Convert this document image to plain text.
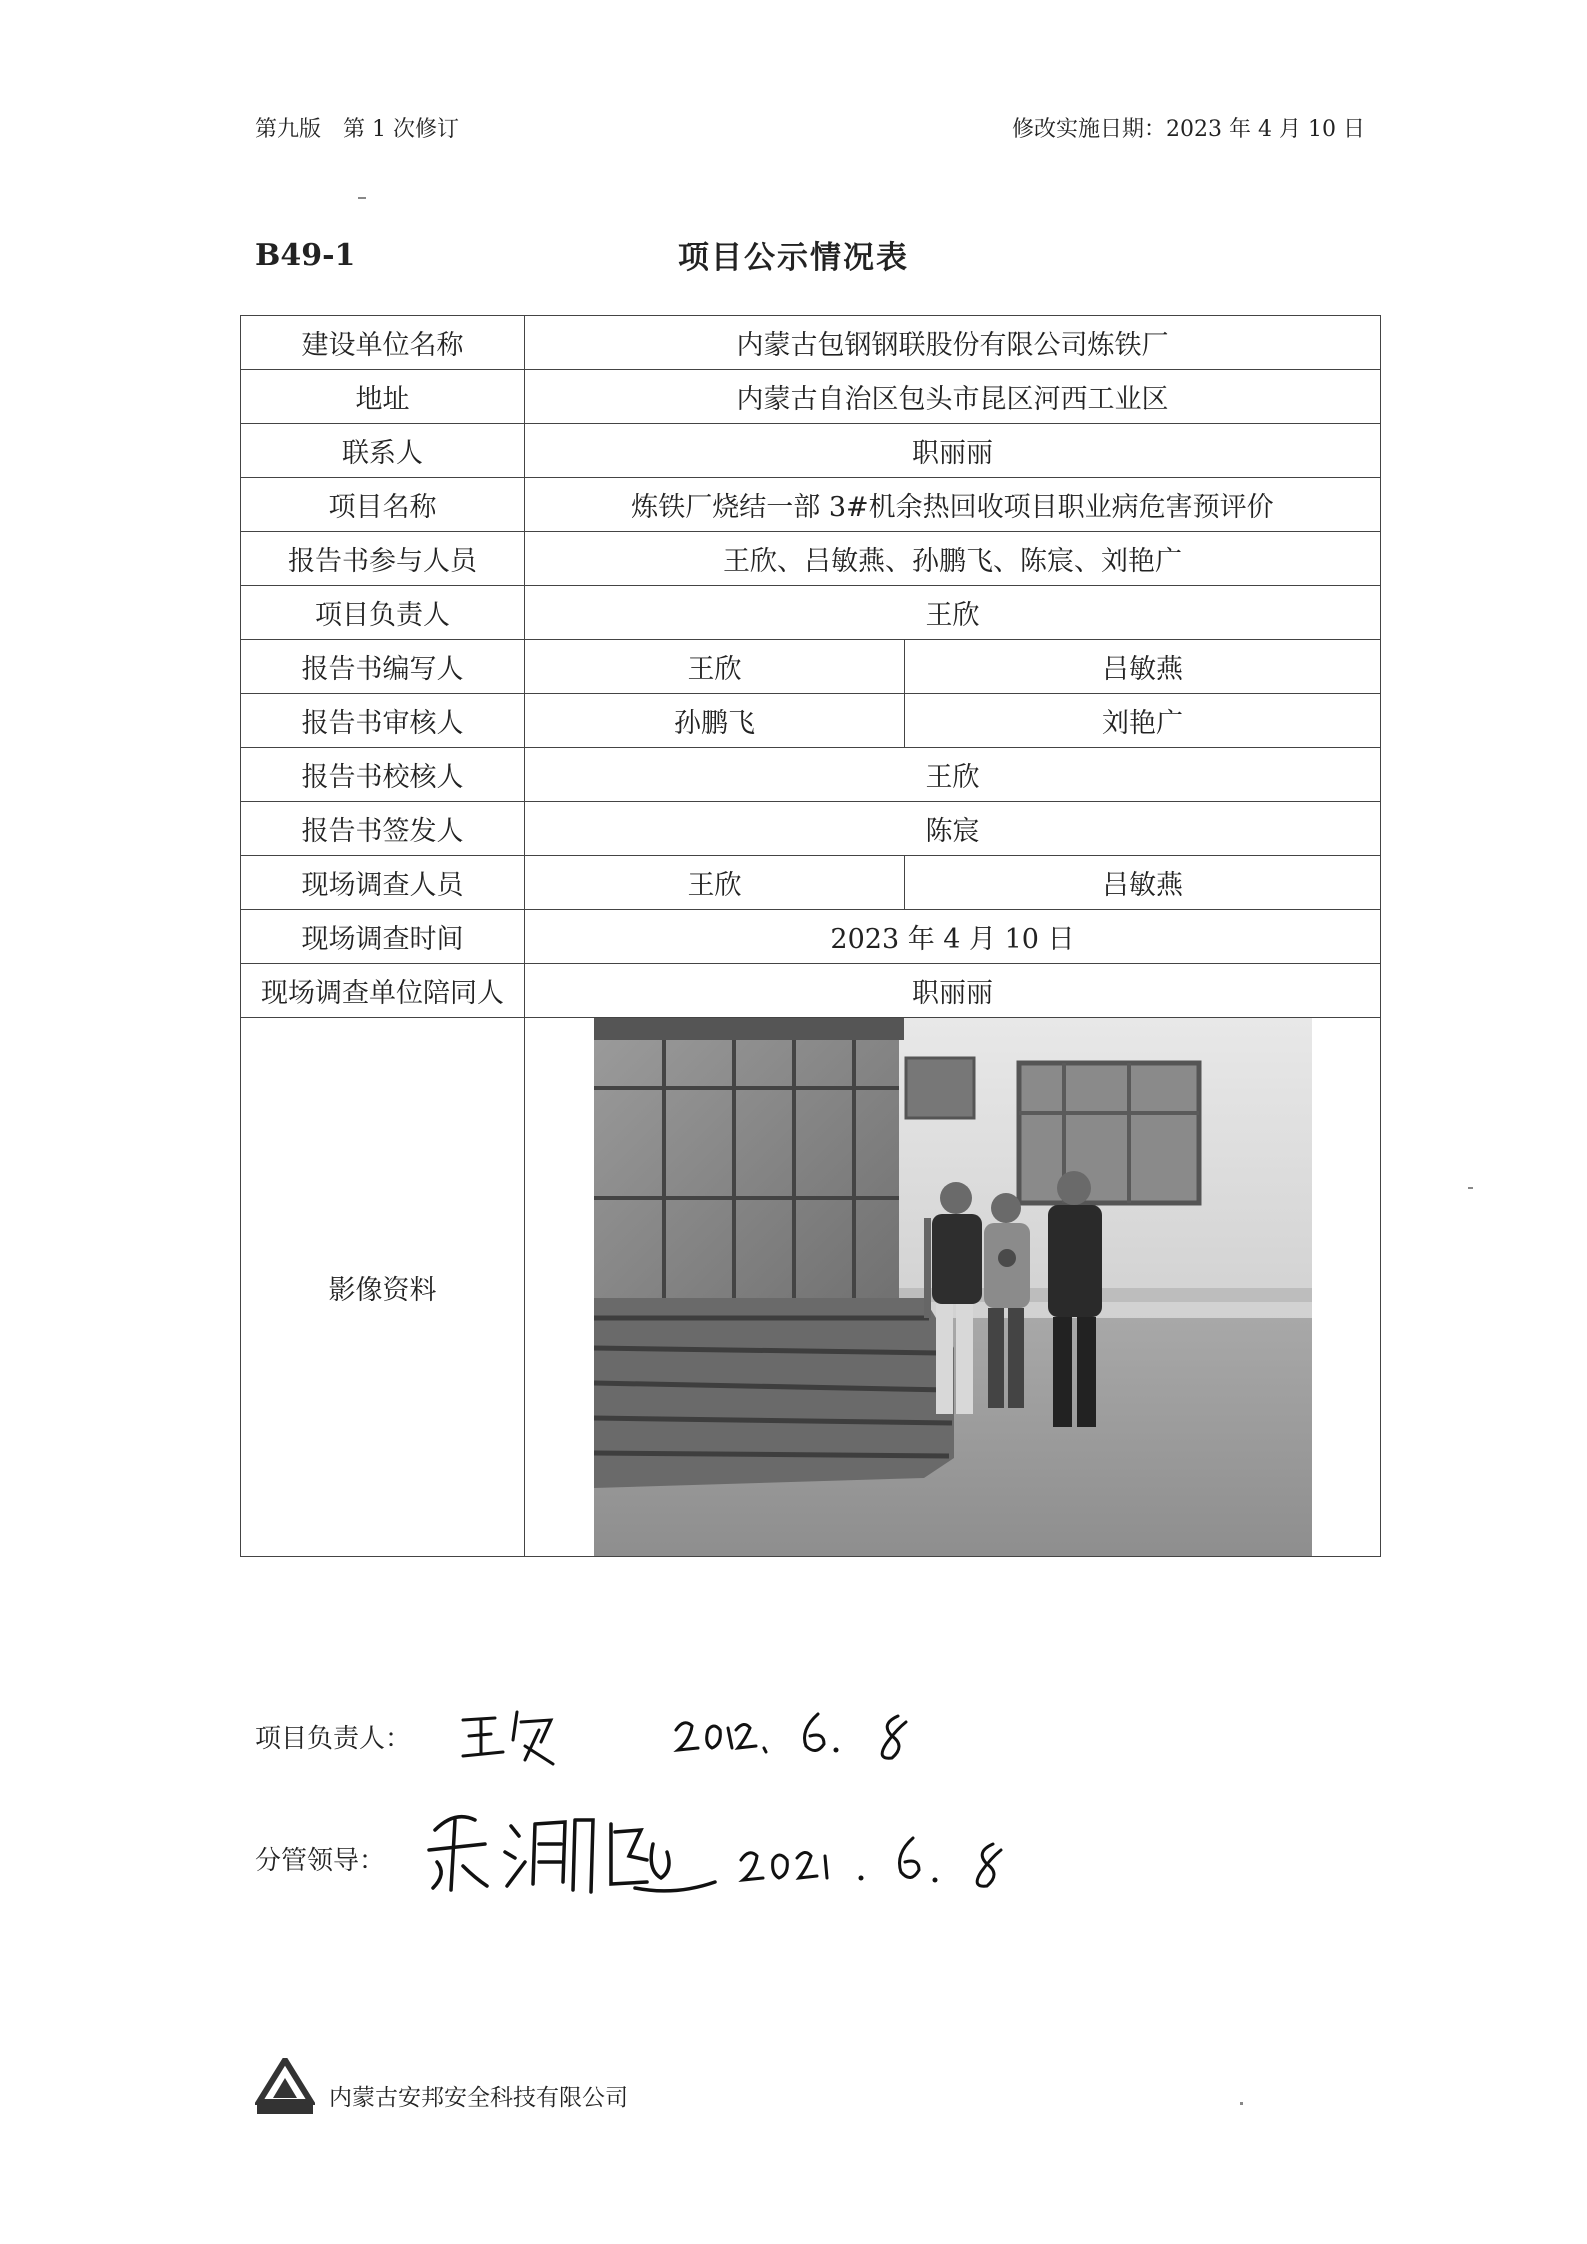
第九版　第 1 次修订	修改实施日期：2023 年 4 月 10 日
B49-1	项目公示情况表
建设单位名称	内蒙古包钢钢联股份有限公司炼铁厂	
地址	内蒙古自治区包头市昆区河西工业区	
联系人	职丽丽	
项目名称	炼铁厂烧结一部 3#机余热回收项目职业病危害预评价	
报告书参与人员	王欣、吕敏燕、孙鹏飞、陈宸、刘艳广	
项目负责人	王欣	
报告书编写人	王欣	吕敏燕
报告书审核人	孙鹏飞	刘艳广
报告书校核人	王欣	
报告书签发人	陈宸	
现场调查人员	王欣	吕敏燕
现场调查时间	2023 年 4 月 10 日	
现场调查单位陪同人	职丽丽	
影像资料	
项目负责人：
分管领导：
内蒙古安邦安全科技有限公司
